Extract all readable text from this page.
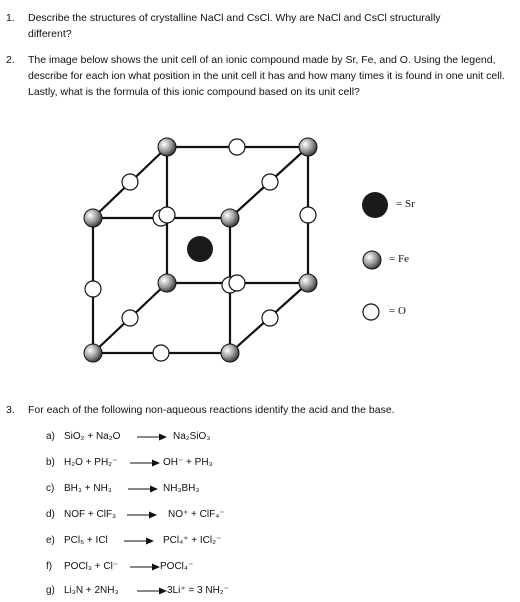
1. Describe the structures of crystalline NaCl and CsCl. Why are NaCl and CsCl structurally different?
2. The image below shows the unit cell of an ionic compound made by Sr, Fe, and O. Using the legend, describe for each ion what position in the unit cell it has and how many times it is found in one unit cell. Lastly, what is the formula of this ionic compound based on its unit cell?
= Sr
= Fe
= O
3. For each of the following non-aqueous reactions identify the acid and the base.
a) SiO₂ + Na₂O	Na₂SiO₃
b) H₂O + PH₂⁻	OH⁻ + PH₃
c) BH₃ + NH₃	NH₃BH₃
d) NOF + ClF₃	NO⁺ + ClF₄⁻
e) PCl₅ + ICl	PCl₄⁺ + ICl₂⁻
f) POCl₃ + Cl⁻	POCl₄⁻
g) Li₃N + 2NH₃	3Li⁺ = 3 NH₂⁻
